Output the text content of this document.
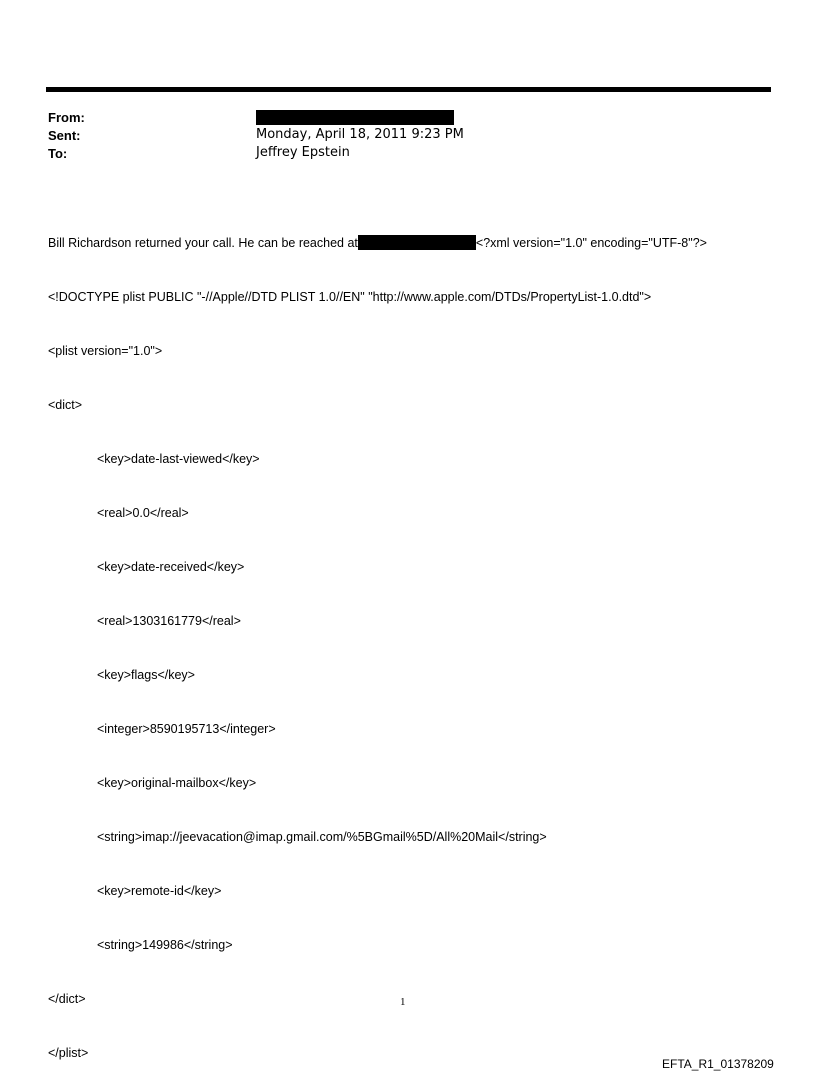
From:
Sent:	Monday, April 18, 2011 9:23 PM
To:	Jeffrey Epstein

Bill Richardson returned your call. He can be reached at	<?xml version="1.0" encoding="UTF-8"?>

<!DOCTYPE plist PUBLIC "-//Apple//DTD PLIST 1.0//EN" "http://www.apple.com/DTDs/PropertyList-1.0.dtd">

<plist version="1.0">

<dict>

<key>date-last-viewed</key>

<real>0.0</real>

<key>date-received</key>

<real>1303161779</real>

<key>flags</key>

<integer>8590195713</integer>

<key>original-mailbox</key>

<string>imap://jeevacation@imap.gmail.com/%5BGmail%5D/All%20Mail</string>

<key>remote-id</key>

<string>149986</string>

</dict>

</plist>

1
EFTA_R1_01378209
